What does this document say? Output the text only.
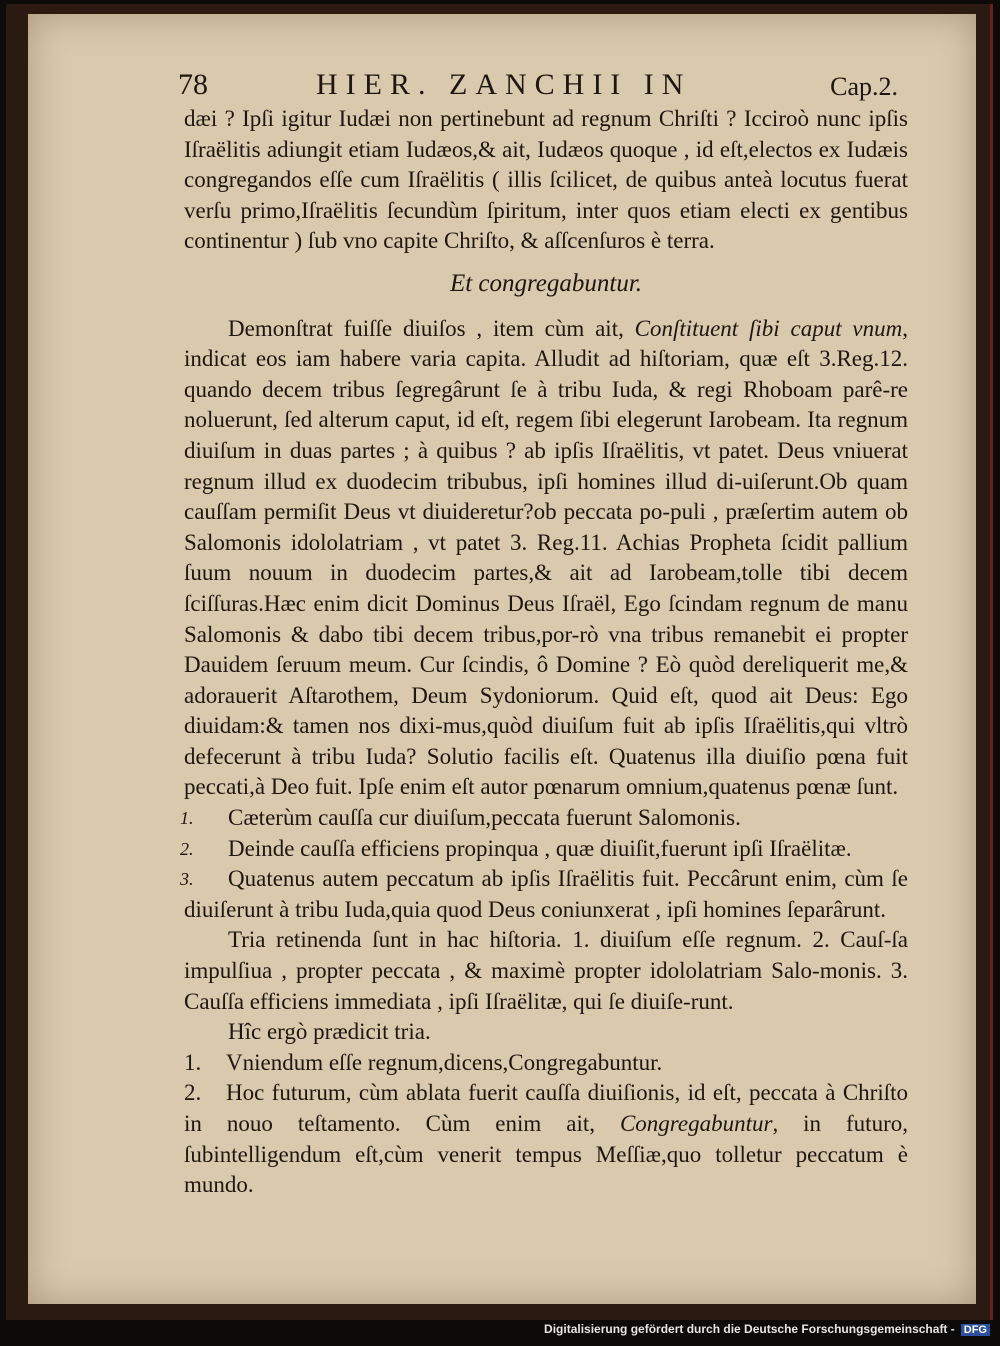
78	HIER. ZANCHII IN	Cap.2.

dæi ? Ipſi igitur Iudæi non pertinebunt ad regnum Chriſti ? Icciroò nunc ipſis Iſraëlitis adiungit etiam Iudæos,& ait, Iudæos quoque , id eſt,electos ex Iudæis congregandos eſſe cum Iſraëlitis ( illis ſcilicet, de quibus anteà locutus fuerat verſu primo,Iſraëlitis ſecundùm ſpiritum, inter quos etiam electi ex gentibus continentur ) ſub vno capite Chriſto, & aſſcenſuros è terra.

Et congregabuntur.

Demonſtrat fuiſſe diuiſos , item cùm ait, Conſtituent ſibi caput vnum, indicat eos iam habere varia capita. Alludit ad hiſtoriam, quæ eſt 3.Reg.12. quando decem tribus ſegregârunt ſe à tribu Iuda, & regi Rhoboam parê-re noluerunt, ſed alterum caput, id eſt, regem ſibi elegerunt Iarobeam. Ita regnum diuiſum in duas partes ; à quibus ? ab ipſis Iſraëlitis, vt patet. Deus vniuerat regnum illud ex duodecim tribubus, ipſi homines illud di-uiſerunt.Ob quam cauſſam permiſit Deus vt diuideretur?ob peccata po-puli , præſertim autem ob Salomonis idololatriam , vt patet 3. Reg.11. Achias Propheta ſcidit pallium ſuum nouum in duodecim partes,& ait ad Iarobeam,tolle tibi decem ſciſſuras.Hæc enim dicit Dominus Deus Iſraël, Ego ſcindam regnum de manu Salomonis & dabo tibi decem tribus,por-rò vna tribus remanebit ei propter Dauidem ſeruum meum. Cur ſcindis, ô Domine ? Eò quòd dereliquerit me,& adorauerit Aſtarothem, Deum Sydoniorum. Quid eſt, quod ait Deus: Ego diuidam:& tamen nos dixi-mus,quòd diuiſum fuit ab ipſis Iſraëlitis,qui vltrò defecerunt à tribu Iuda? Solutio facilis eſt. Quatenus illa diuiſio pœna fuit peccati,à Deo fuit. Ipſe enim eſt autor pœnarum omnium,quatenus pœnæ ſunt.

1. Cæterùm cauſſa cur diuiſum,peccata fuerunt Salomonis.

2. Deinde cauſſa efficiens propinqua , quæ diuiſit,fuerunt ipſi Iſraëlitæ.

3. Quatenus autem peccatum ab ipſis Iſraëlitis fuit. Peccârunt enim, cùm ſe diuiſerunt à tribu Iuda,quia quod Deus coniunxerat , ipſi homines ſeparârunt.

Tria retinenda ſunt in hac hiſtoria. 1. diuiſum eſſe regnum. 2. Cauſ-ſa impulſiua , propter peccata , & maximè propter idololatriam Salo-monis. 3. Cauſſa efficiens immediata , ipſi Iſraëlitæ, qui ſe diuiſe-runt.

Hîc ergò prædicit tria.

1. Vniendum eſſe regnum,dicens,Congregabuntur.

2. Hoc futurum, cùm ablata fuerit cauſſa diuiſionis, id eſt, peccata à Chriſto in nouo teſtamento. Cùm enim ait, Congregabuntur, in futuro, ſubintelligendum eſt,cùm venerit tempus Meſſiæ,quo tolletur peccatum è mundo.

Digitalisierung gefördert durch die Deutsche Forschungsgemeinschaft - DFG
